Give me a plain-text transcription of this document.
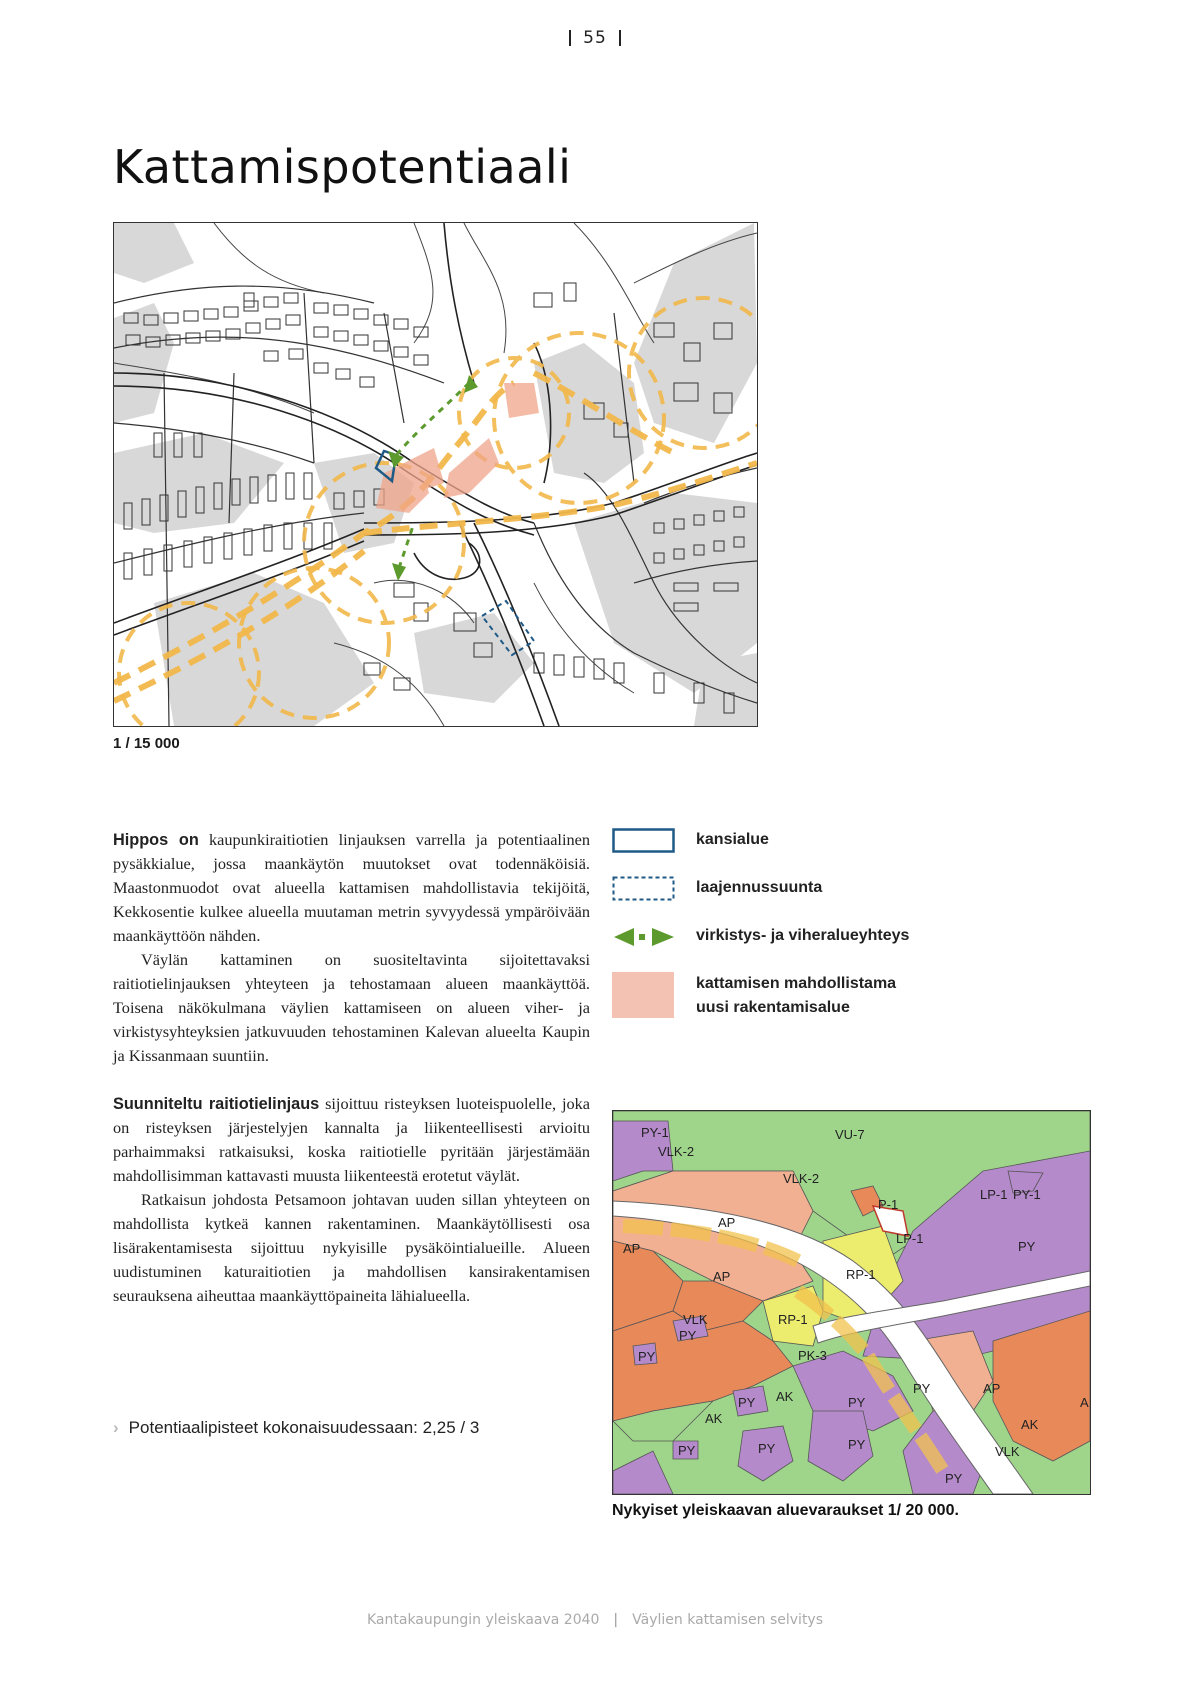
55
Kattamispotentiaali
1 / 15 000

Hippos on kaupunkiraitiotien linjauksen varrella ja potentiaalinen pysäkkialue, jossa maankäytön muutokset ovat todennäköisiä. Maastonmuodot ovat alueella kattamisen mahdollistavia tekijöitä, Kekkosentie kulkee alueella muutaman metrin syvyydessä ympäröivään maankäyttöön nähden.

Väylän kattaminen on suositeltavinta sijoitettavaksi raitiotielinjauksen yhteyteen ja tehostamaan alueen maankäyttöä. Toisena näkökulmana väylien kattamiseen on alueen viher- ja virkistysyhteyksien jatkuvuuden tehostaminen Kalevan alueelta Kaupin ja Kissanmaan suuntiin.

Suunniteltu raitiotielinjaus sijoittuu risteyksen luoteispuolelle, joka on risteyksen järjestelyjen kannalta ja liikenteellisesti arvioitu parhaimmaksi ratkaisuksi, koska raitiotielle pyritään järjestämään mahdollisimman kattavasti muusta liikenteestä erotetut väylät.

Ratkaisun johdosta Petsamoon johtavan uuden sillan yhteyteen on mahdollista kytkeä kannen rakentaminen. Maankäytöllisesti osa lisärakentamisesta sijoittuu nykyisille pysäköintialueille. Alueen uudistuminen katuraitiotien ja mahdollisen kansirakentamisen seurauksena aiheuttaa maankäyttöpaineita lähialueella.

kansialue
laajennussuunta
virkistys- ja viheralueyhteys
kattamisen mahdollistama
uusi rakentamisalue
› Potentiaalipisteet kokonaisuudessaan: 2,25 / 3
PY-1
VLK-2
VU-7
VLK-2
P-1
LP-1 PY-1
AP
LP-1
PY
AP
AP	RP-1
VLK	RP-1
PY
PY	PK-3
AK	PY
PY
AP
AK
PY
PY	PY	PY	VLK
AK
PY
A
Nykyiset yleiskaavan aluevaraukset 1/ 20 000.
Kantakaupungin yleiskaava 2040 | Väylien kattamisen selvitys
